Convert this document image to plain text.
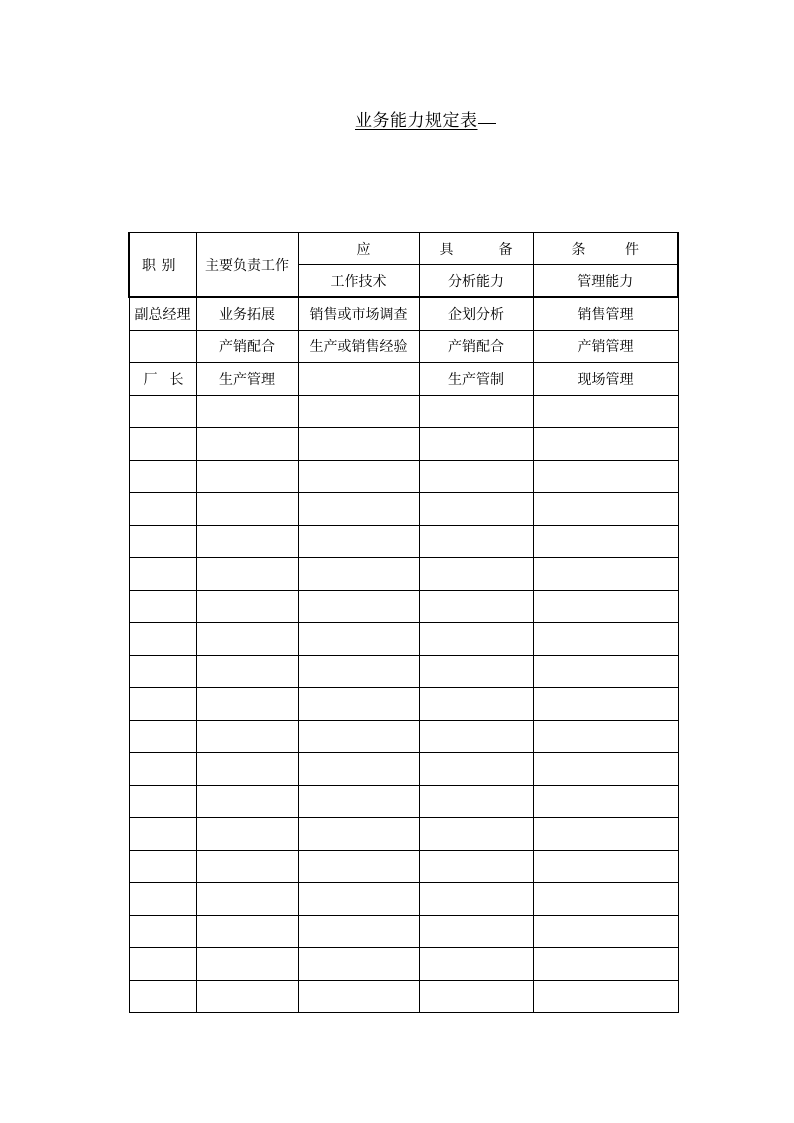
业务能力规定表
职 别	主要负责工作	应	具 备	条 件

		工作技术	分析能力	管理能力
副总经理	业务拓展	销售或市场调查	企划分析	销售管理
	产销配合	生产或销售经验	产销配合	产销管理

厂 长	生产管理		生产管制	现场管理
